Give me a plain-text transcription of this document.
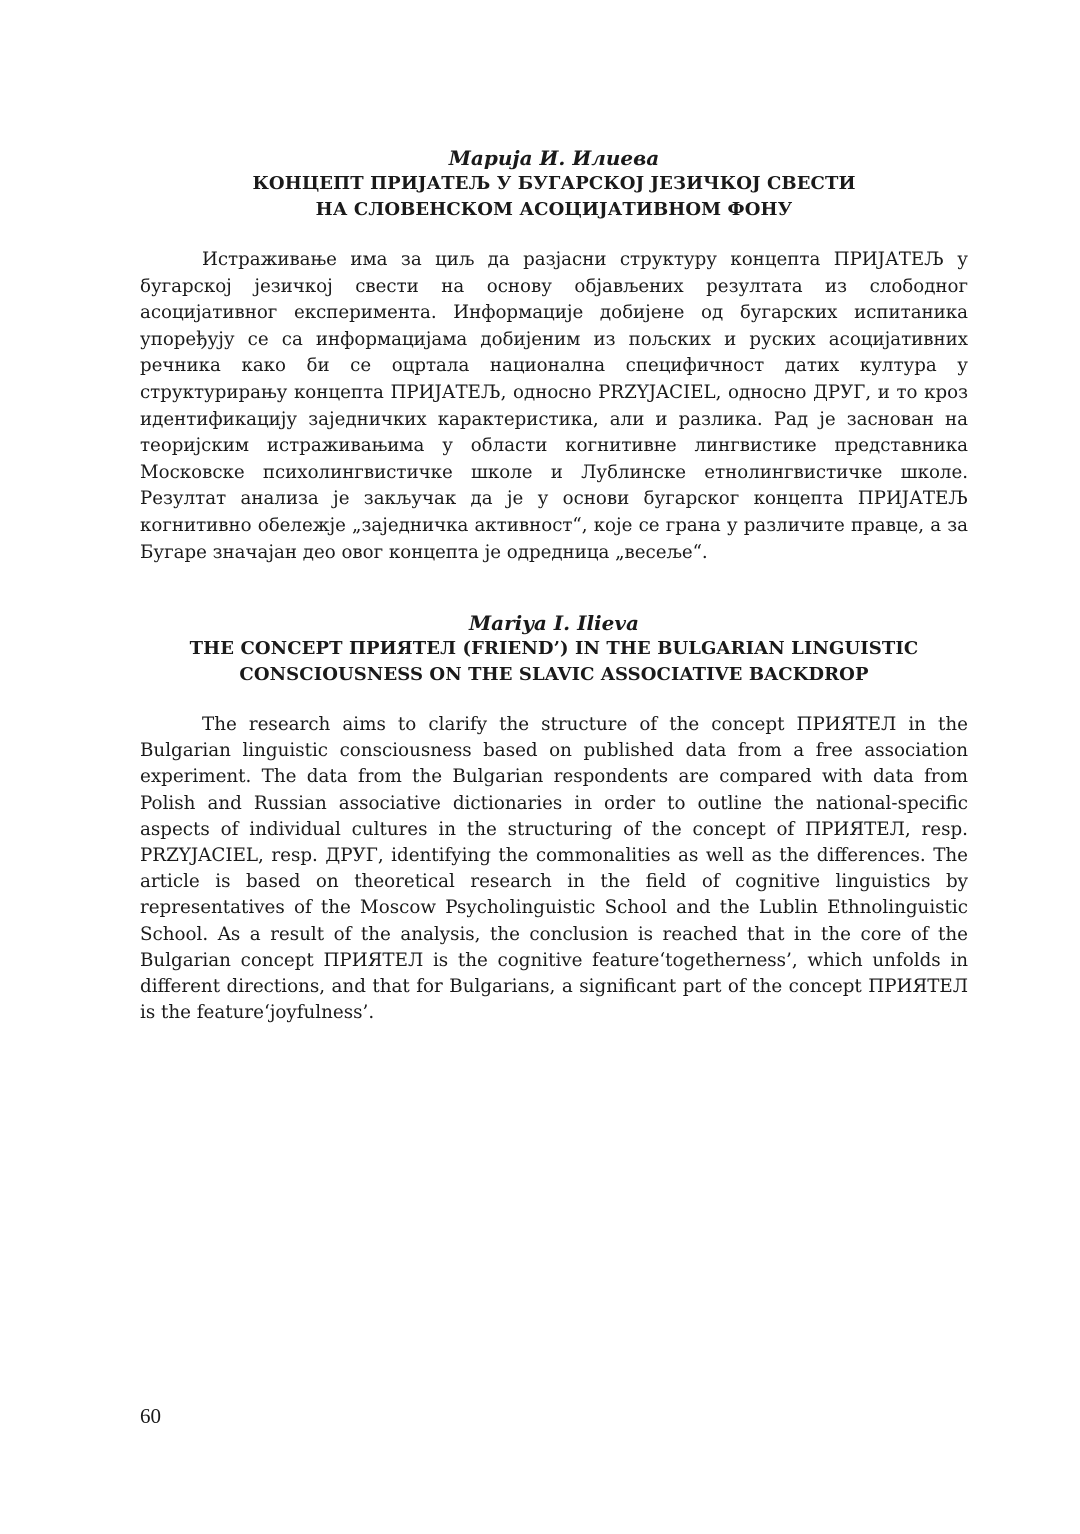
Марија И. Илиева

КОНЦЕПТ ПРИЈАТЕЉ У БУГАРСКОЈ ЈЕЗИЧКОЈ СВЕСТИ

НА СЛОВЕНСКОМ АСОЦИЈАТИВНОМ ФОНУ

Истраживање има за циљ да разјасни структуру концепта ПРИЈАТЕЉ у бугарској језичкој свести на основу објављених резултата из слободног асоцијативног експеримента. Информације добијене од бугарских испитаника упоређују се са информацијама добијеним из пољских и руских асоцијативних речника како би се оцртала национална специфичност датих култура у структурирању концепта ПРИЈАТЕЉ, односно PRZYJACIEL, односно ДРУГ, и то кроз идентификацију заједничких карактеристика, али и разлика. Рад је заснован на теоријским истраживањима у области когнитивне лингвистике представника Московске психолингвистичке школе и Лублинске етнолингвистичке школе. Резултат анализа је закључак да је у основи бугарског концепта ПРИЈАТЕЉ когнитивно обележје „заједничка активност“, које се грана у различите правце, а за Бугаре значајан део овог концепта је одредница „весеље“.

Mariya I. Ilieva

THE CONCEPT ПРИЯТЕЛ (FRIEND’) IN THE BULGARIAN LINGUISTIC

CONSCIOUSNESS ON THE SLAVIC ASSOCIATIVE BACKDROP

The research aims to clarify the structure of the concept ПРИЯТЕЛ in the Bulgarian linguistic consciousness based on published data from a free association experiment. The data from the Bulgarian respondents are compared with data from Polish and Russian associative dictionaries in order to outline the national-specific aspects of individual cultures in the structuring of the concept of ПРИЯТЕЛ, resp. PRZYJACIEL, resp. ДРУГ, identifying the commonalities as well as the differences. The article is based on theoretical research in the field of cognitive linguistics by representatives of the Moscow Psycholinguistic School and the Lublin Ethnolinguistic School. As a result of the analysis, the conclusion is reached that in the core of the Bulgarian concept ПРИЯТЕЛ is the cognitive feature‘togetherness’, which unfolds in different directions, and that for Bulgarians, a significant part of the concept ПРИЯТЕЛ is the feature‘joyfulness’.

60
